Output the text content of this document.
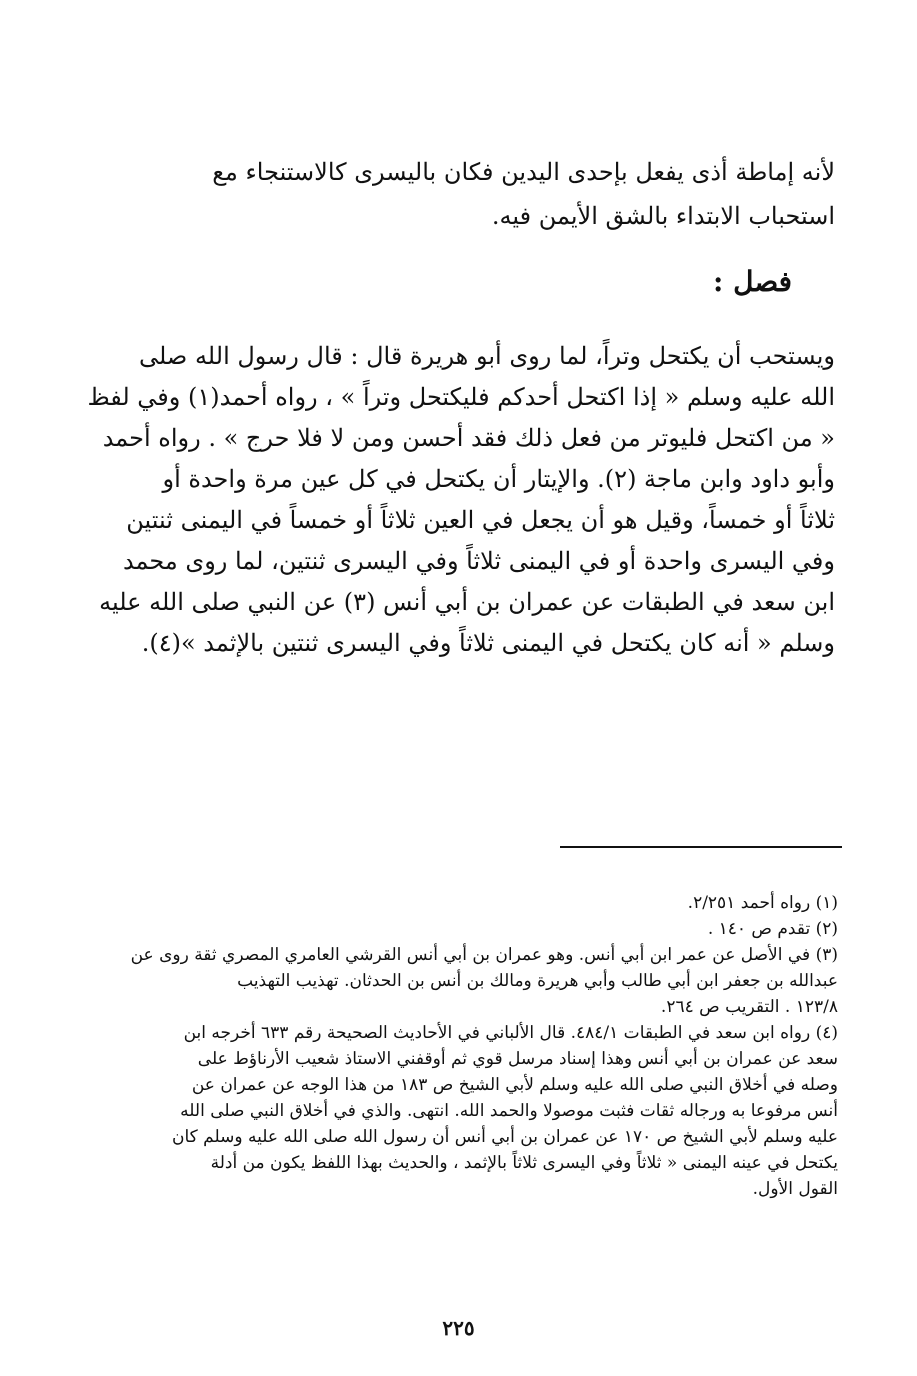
لأنه إماطة أذى يفعل بإحدى اليدين فكان باليسرى كالاستنجاء مع
استحباب الابتداء بالشق الأيمن فيه.
فصل :
ويستحب أن يكتحل وتراً، لما روى أبو هريرة قال : قال رسول الله صلى
الله عليه وسلم « إذا اكتحل أحدكم فليكتحل وتراً » ، رواه أحمد(١) وفي لفظ
« من اكتحل فليوتر من فعل ذلك فقد أحسن ومن لا فلا حرج » . رواه أحمد
وأبو داود وابن ماجة (٢). والإيتار أن يكتحل في كل عين مرة واحدة أو
ثلاثاً أو خمساً، وقيل هو أن يجعل في العين ثلاثاً أو خمساً في اليمنى ثنتين
وفي اليسرى واحدة أو في اليمنى ثلاثاً وفي اليسرى ثنتين، لما روى محمد
ابن سعد في الطبقات عن عمران بن أبي أنس (٣) عن النبي صلى الله عليه
وسلم « أنه كان يكتحل في اليمنى ثلاثاً وفي اليسرى ثنتين بالإثمد »(٤).
(١) رواه أحمد ٢/٢٥١.
(٢) تقدم ص ١٤٠ .
(٣) في الأصل عن عمر ابن أبي أنس. وهو عمران بن أبي أنس القرشي العامري المصري ثقة روى عن
عبدالله بن جعفر ابن أبي طالب وأبي هريرة ومالك بن أنس بن الحدثان. تهذيب التهذيب
١٢٣/٨ . التقريب ص ٢٦٤.
(٤) رواه ابن سعد في الطبقات ٤٨٤/١. قال الألباني في الأحاديث الصحيحة رقم ٦٣٣ أخرجه ابن
سعد عن عمران بن أبي أنس وهذا إسناد مرسل قوي ثم أوقفني الاستاذ شعيب الأرناؤط على
وصله في أخلاق النبي صلى الله عليه وسلم لأبي الشيخ ص ١٨٣ من هذا الوجه عن عمران عن
أنس مرفوعا به ورجاله ثقات فثبت موصولا والحمد الله. انتهى. والذي في أخلاق النبي صلى الله
عليه وسلم لأبي الشيخ ص ١٧٠ عن عمران بن أبي أنس أن رسول الله صلى الله عليه وسلم كان
يكتحل في عينه اليمنى « ثلاثاً وفي اليسرى ثلاثاً بالإثمد ، والحديث بهذا اللفظ يكون من أدلة
القول الأول.
٢٢٥
